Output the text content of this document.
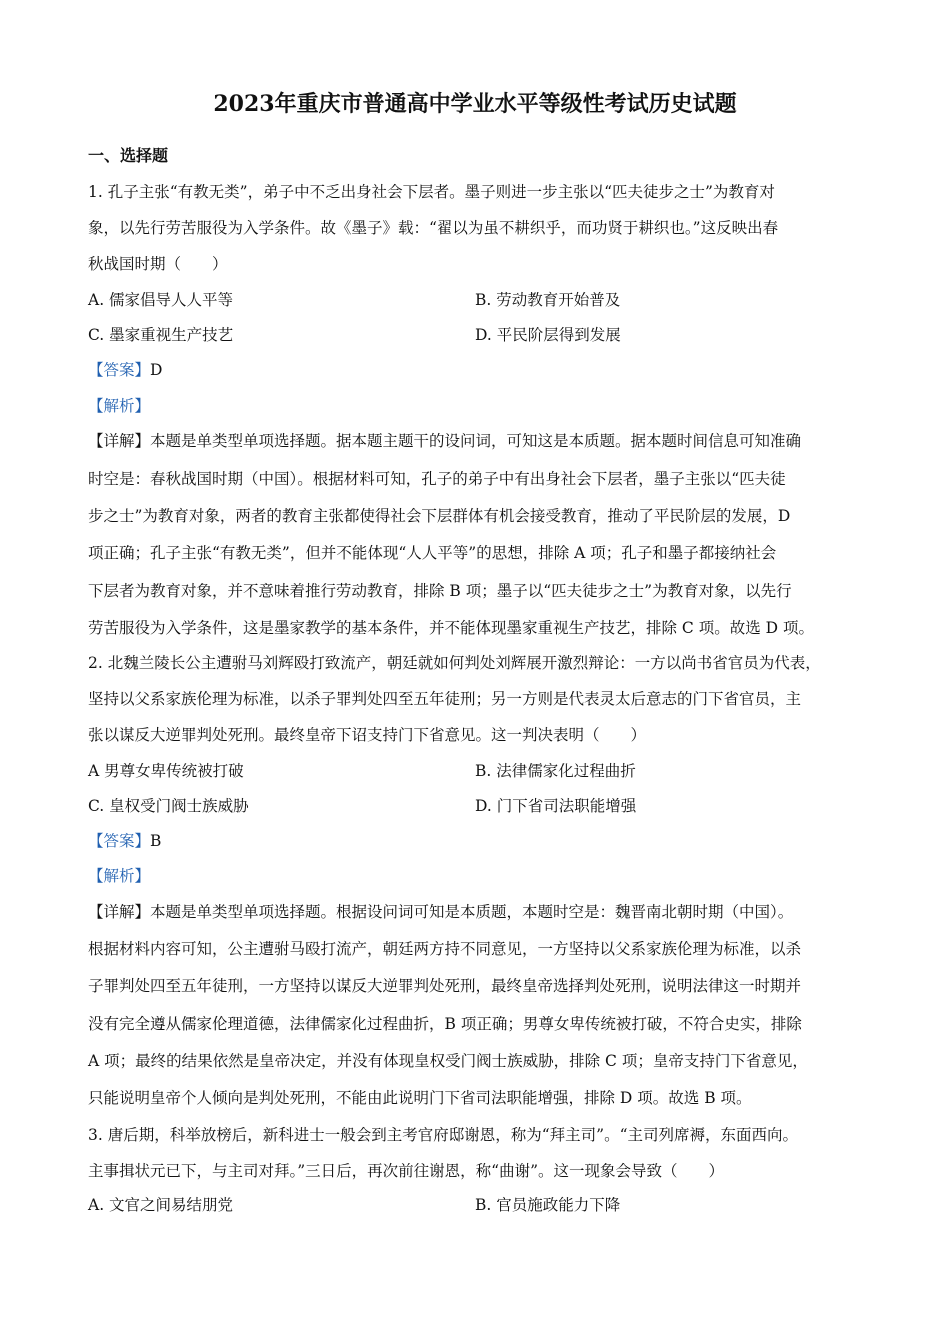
2023年重庆市普通高中学业水平等级性考试历史试题
一、选择题
1. 孔子主张“有教无类”，弟子中不乏出身社会下层者。墨子则进一步主张以“匹夫徒步之士”为教育对
象，以先行劳苦服役为入学条件。故《墨子》载：“翟以为虽不耕织乎，而功贤于耕织也。”这反映出春
秋战国时期（　　）
A. 儒家倡导人人平等	B. 劳动教育开始普及
C. 墨家重视生产技艺	D. 平民阶层得到发展
【答案】D
【解析】
【详解】本题是单类型单项选择题。据本题主题干的设问词，可知这是本质题。据本题时间信息可知准确
时空是：春秋战国时期（中国）。根据材料可知，孔子的弟子中有出身社会下层者，墨子主张以“匹夫徒
步之士”为教育对象，两者的教育主张都使得社会下层群体有机会接受教育，推动了平民阶层的发展，D
项正确；孔子主张“有教无类”，但并不能体现“人人平等”的思想，排除 A 项；孔子和墨子都接纳社会
下层者为教育对象，并不意味着推行劳动教育，排除 B 项；墨子以“匹夫徒步之士”为教育对象，以先行
劳苦服役为入学条件，这是墨家教学的基本条件，并不能体现墨家重视生产技艺，排除 C 项。故选 D 项。
2. 北魏兰陵长公主遭驸马刘辉殴打致流产，朝廷就如何判处刘辉展开激烈辩论：一方以尚书省官员为代表，
坚持以父系家族伦理为标准，以杀子罪判处四至五年徒刑；另一方则是代表灵太后意志的门下省官员，主
张以谋反大逆罪判处死刑。最终皇帝下诏支持门下省意见。这一判决表明（　　）
A 男尊女卑传统被打破	B. 法律儒家化过程曲折
C. 皇权受门阀士族威胁	D. 门下省司法职能增强
【答案】B
【解析】
【详解】本题是单类型单项选择题。根据设问词可知是本质题，本题时空是：魏晋南北朝时期（中国）。
根据材料内容可知，公主遭驸马殴打流产，朝廷两方持不同意见，一方坚持以父系家族伦理为标准，以杀
子罪判处四至五年徒刑，一方坚持以谋反大逆罪判处死刑，最终皇帝选择判处死刑，说明法律这一时期并
没有完全遵从儒家伦理道德，法律儒家化过程曲折，B 项正确；男尊女卑传统被打破，不符合史实，排除
A 项；最终的结果依然是皇帝决定，并没有体现皇权受门阀士族威胁，排除 C 项；皇帝支持门下省意见，
只能说明皇帝个人倾向是判处死刑，不能由此说明门下省司法职能增强，排除 D 项。故选 B 项。
3. 唐后期，科举放榜后，新科进士一般会到主考官府邸谢恩，称为“拜主司”。“主司列席褥，东面西向。
主事揖状元已下，与主司对拜。”三日后，再次前往谢恩，称“曲谢”。这一现象会导致（　　）
A. 文官之间易结朋党	B. 官员施政能力下降
